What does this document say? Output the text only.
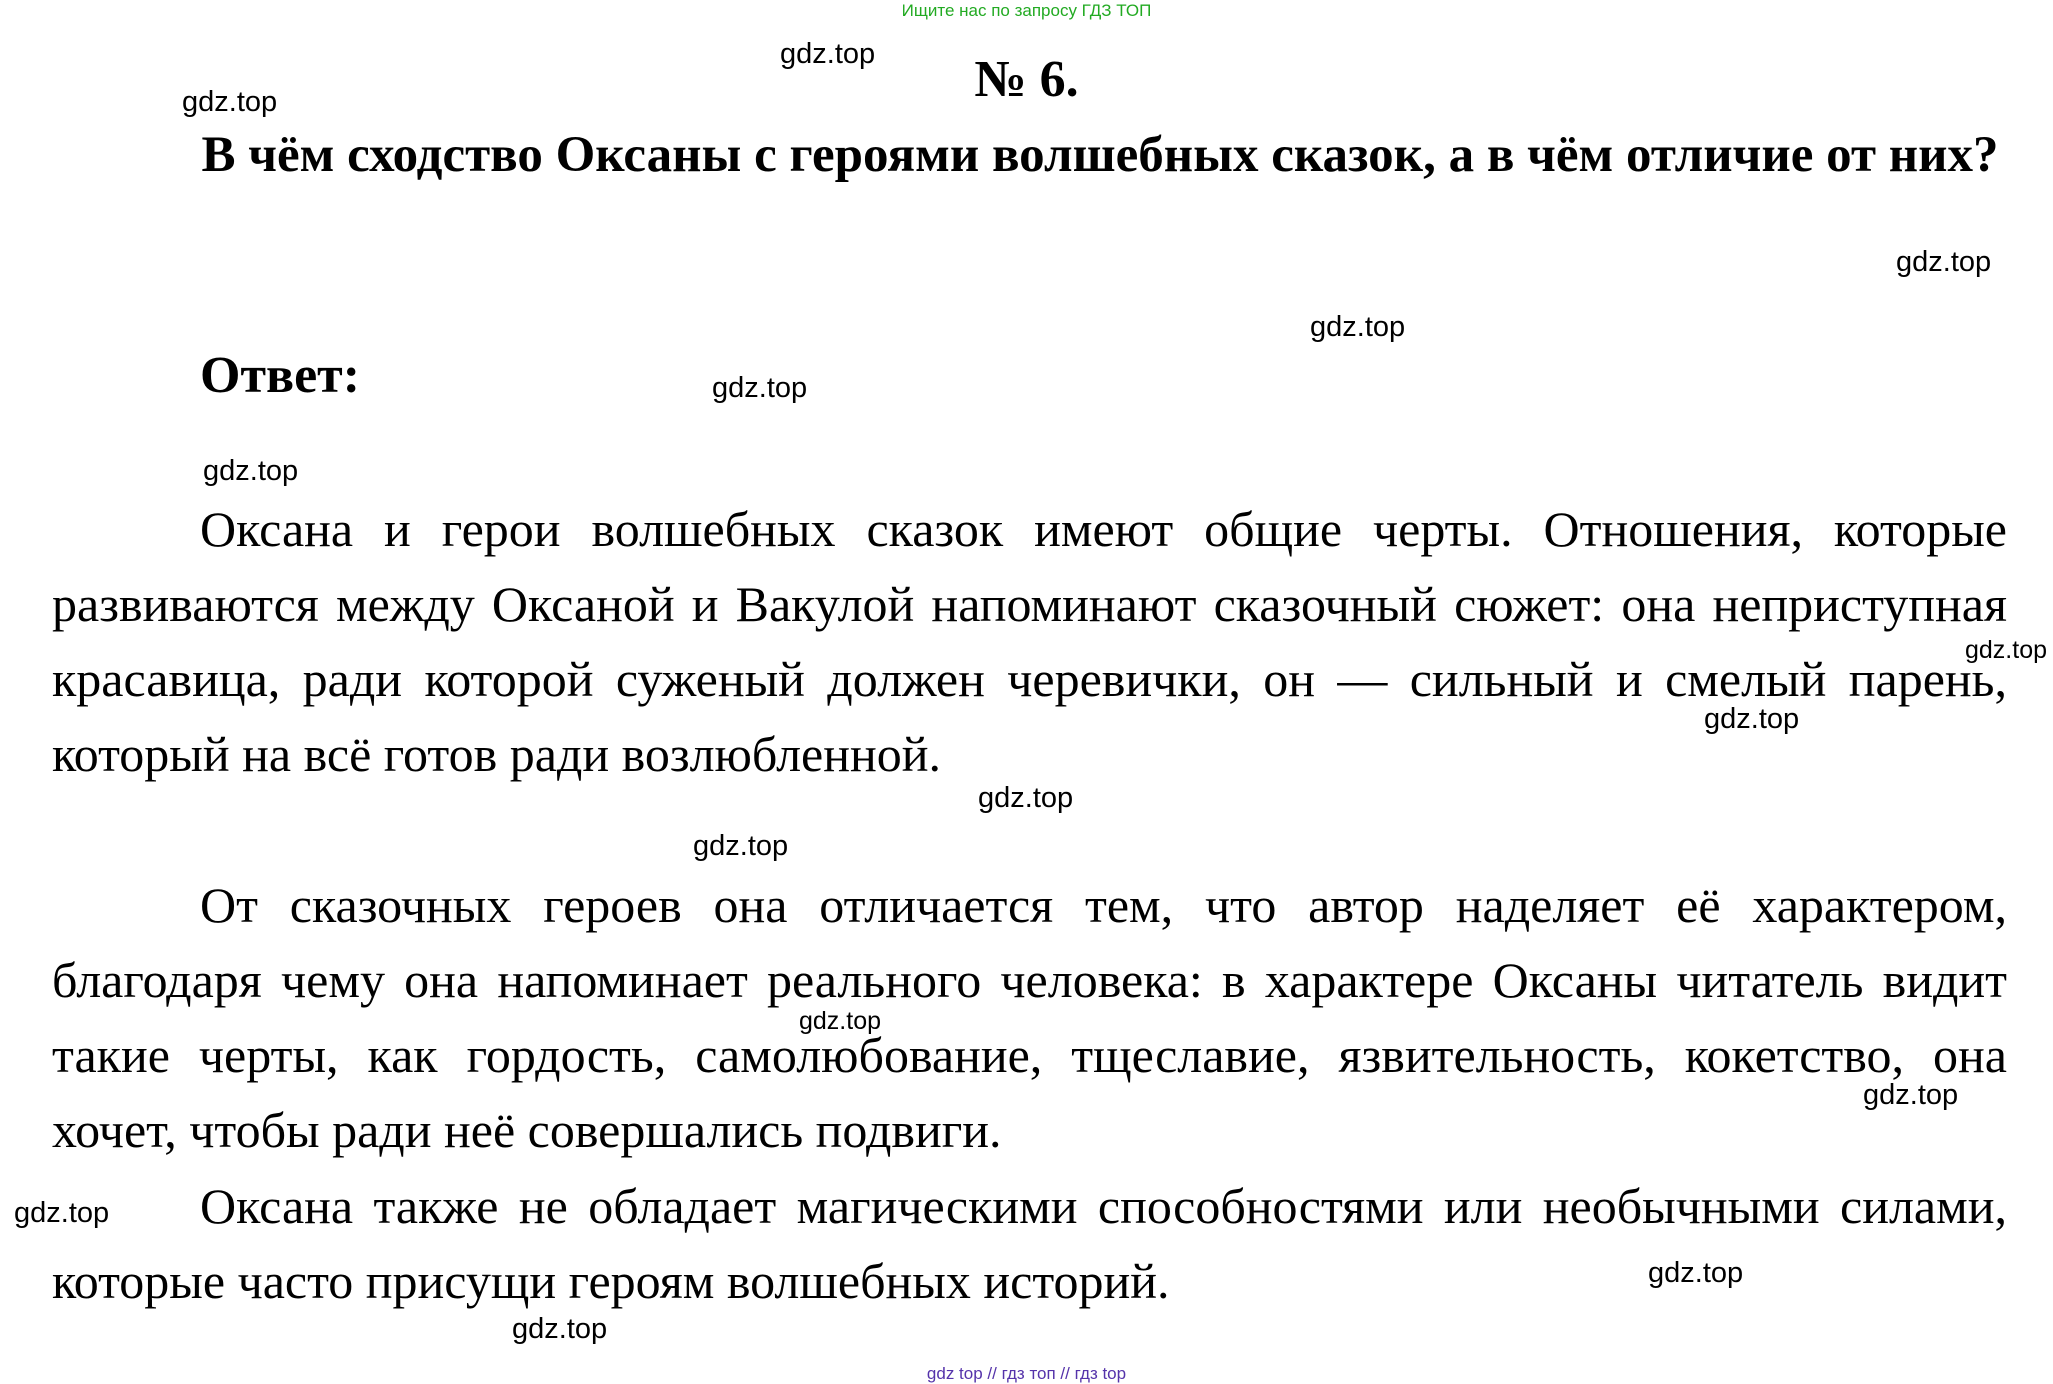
Ищите нас по запросу ГДЗ ТОП
№ 6.
В чём сходство Оксаны с героями волшебных сказок, а в чём отличие от них?
Ответ:

Оксана и герои волшебных сказок имеют общие черты. Отношения, которые развиваются между Оксаной и Вакулой напоминают сказочный сюжет: она неприступная красавица, ради которой суженый должен черевички, он — сильный и смелый парень, который на всё готов ради возлюбленной.

От сказочных героев она отличается тем, что автор наделяет её характером, благодаря чему она напоминает реального человека: в характере Оксаны читатель видит такие черты, как гордость, самолюбование, тщеславие, язвительность, кокетство, она хочет, чтобы ради неё совершались подвиги.

Оксана также не обладает магическими способностями или необычными силами, которые часто присущи героям волшебных историй.

gdz.top
gdz.top
gdz.top
gdz.top
gdz.top
gdz.top
gdz.top
gdz.top
gdz.top
gdz.top
gdz.top
gdz.top
gdz.top
gdz.top
gdz.top
gdz top // гдз топ // гдз top
